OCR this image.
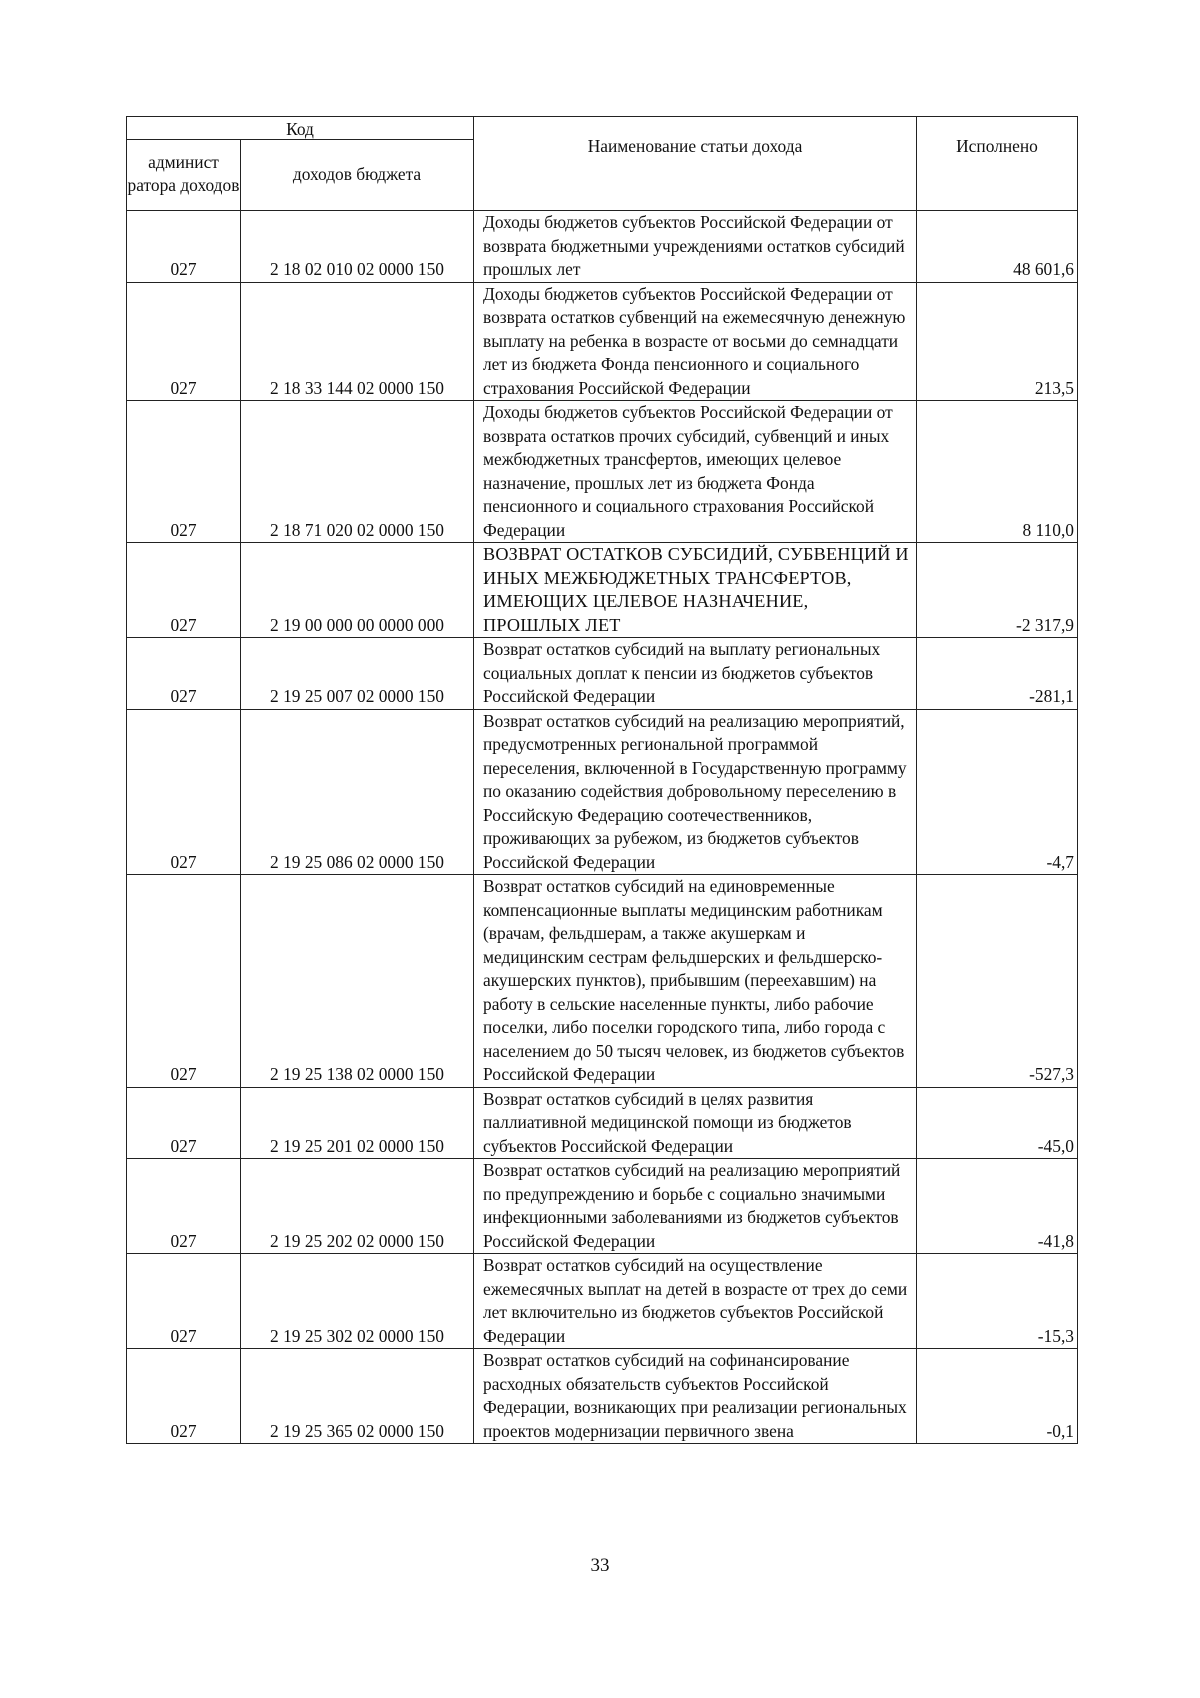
Код		Наименование статьи дохода	Исполнено
админист ратора доходов	доходов бюджета		
027	2 18 02 010 02 0000 150	Доходы бюджетов субъектов Российской Федерации от возврата бюджетными учреждениями остатков субсидий прошлых лет	48 601,6
027	2 18 33 144 02 0000 150	Доходы бюджетов субъектов Российской Федерации от возврата остатков субвенций на ежемесячную денежную выплату на ребенка в возрасте от восьми до семнадцати лет из бюджета Фонда пенсионного и социального страхования Российской Федерации	213,5
027	2 18 71 020 02 0000 150	Доходы бюджетов субъектов Российской Федерации от возврата остатков прочих субсидий, субвенций и иных межбюджетных трансфертов, имеющих целевое назначение, прошлых лет из бюджета Фонда пенсионного и социального страхования Российской Федерации	8 110,0
027	2 19 00 000 00 0000 000	ВОЗВРАТ ОСТАТКОВ СУБСИДИЙ, СУБВЕНЦИЙ И ИНЫХ МЕЖБЮДЖЕТНЫХ ТРАНСФЕРТОВ, ИМЕЮЩИХ ЦЕЛЕВОЕ НАЗНАЧЕНИЕ, ПРОШЛЫХ ЛЕТ	-2 317,9
027	2 19 25 007 02 0000 150	Возврат остатков субсидий на выплату региональных социальных доплат к пенсии из бюджетов субъектов Российской Федерации	-281,1
027	2 19 25 086 02 0000 150	Возврат остатков субсидий на реализацию мероприятий, предусмотренных региональной программой переселения, включенной в Государственную программу по оказанию содействия добровольному переселению в Российскую Федерацию соотечественников, проживающих за рубежом, из бюджетов субъектов Российской Федерации	-4,7
027	2 19 25 138 02 0000 150	Возврат остатков субсидий на единовременные компенсационные выплаты медицинским работникам (врачам, фельдшерам, а также акушеркам и медицинским сестрам фельдшерских и фельдшерско-акушерских пунктов), прибывшим (переехавшим) на работу в сельские населенные пункты, либо рабочие поселки, либо поселки городского типа, либо города с населением до 50 тысяч человек, из бюджетов субъектов Российской Федерации	-527,3
027	2 19 25 201 02 0000 150	Возврат остатков субсидий в целях развития паллиативной медицинской помощи из бюджетов субъектов Российской Федерации	-45,0
027	2 19 25 202 02 0000 150	Возврат остатков субсидий на реализацию мероприятий по предупреждению и борьбе с социально значимыми инфекционными заболеваниями из бюджетов субъектов Российской Федерации	-41,8
027	2 19 25 302 02 0000 150	Возврат остатков субсидий на осуществление ежемесячных выплат на детей в возрасте от трех до семи лет включительно из бюджетов субъектов Российской Федерации	-15,3
027	2 19 25 365 02 0000 150	Возврат остатков субсидий на софинансирование расходных обязательств субъектов Российской Федерации, возникающих при реализации региональных проектов модернизации первичного звена	-0,1
33
